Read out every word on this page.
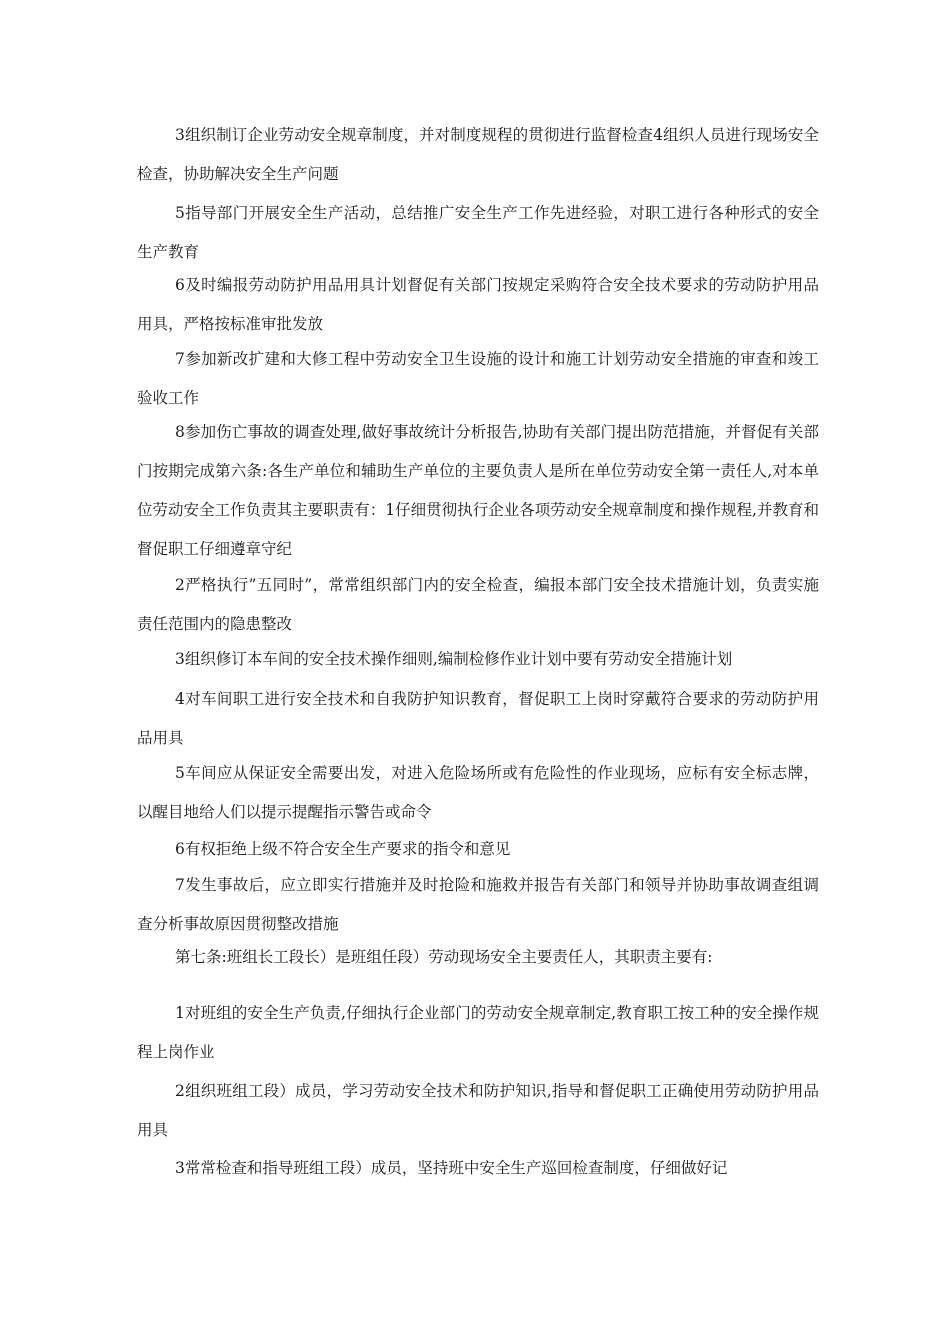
3组织制订企业劳动安全规章制度，并对制度规程的贯彻进行监督检查4组织人员进行现场安全检查，协助解决安全生产问题

5指导部门开展安全生产活动，总结推广安全生产工作先进经验，对职工进行各种形式的安全生产教育

6及时编报劳动防护用品用具计划督促有关部门按规定采购符合安全技术要求的劳动防护用品用具，严格按标准审批发放

7参加新改扩建和大修工程中劳动安全卫生设施的设计和施工计划劳动安全措施的审查和竣工验收工作

8参加伤亡事故的调查处理,做好事故统计分析报告,协助有关部门提出防范措施，并督促有关部门按期完成第六条:各生产单位和辅助生产单位的主要负责人是所在单位劳动安全第一责任人,对本单位劳动安全工作负责其主要职责有：1仔细贯彻执行企业各项劳动安全规章制度和操作规程,并教育和督促职工仔细遵章守纪

2严格执行”五同时”，常常组织部门内的安全检查，编报本部门安全技术措施计划，负责实施责任范围内的隐患整改

3组织修订本车间的安全技术操作细则,编制检修作业计划中要有劳动安全措施计划

4对车间职工进行安全技术和自我防护知识教育，督促职工上岗时穿戴符合要求的劳动防护用品用具

5车间应从保证安全需要出发，对进入危险场所或有危险性的作业现场，应标有安全标志牌，以醒目地给人们以提示提醒指示警告或命令

6有权拒绝上级不符合安全生产要求的指令和意见

7发生事故后，应立即实行措施并及时抢险和施救并报告有关部门和领导并协助事故调查组调查分析事故原因贯彻整改措施

第七条:班组长工段长）是班组任段）劳动现场安全主要责任人，其职责主要有:

1对班组的安全生产负责,仔细执行企业部门的劳动安全规章制定,教育职工按工种的安全操作规程上岗作业

2组织班组工段）成员，学习劳动安全技术和防护知识,指导和督促职工正确使用劳动防护用品用具

3常常检查和指导班组工段）成员，坚持班中安全生产巡回检查制度，仔细做好记
